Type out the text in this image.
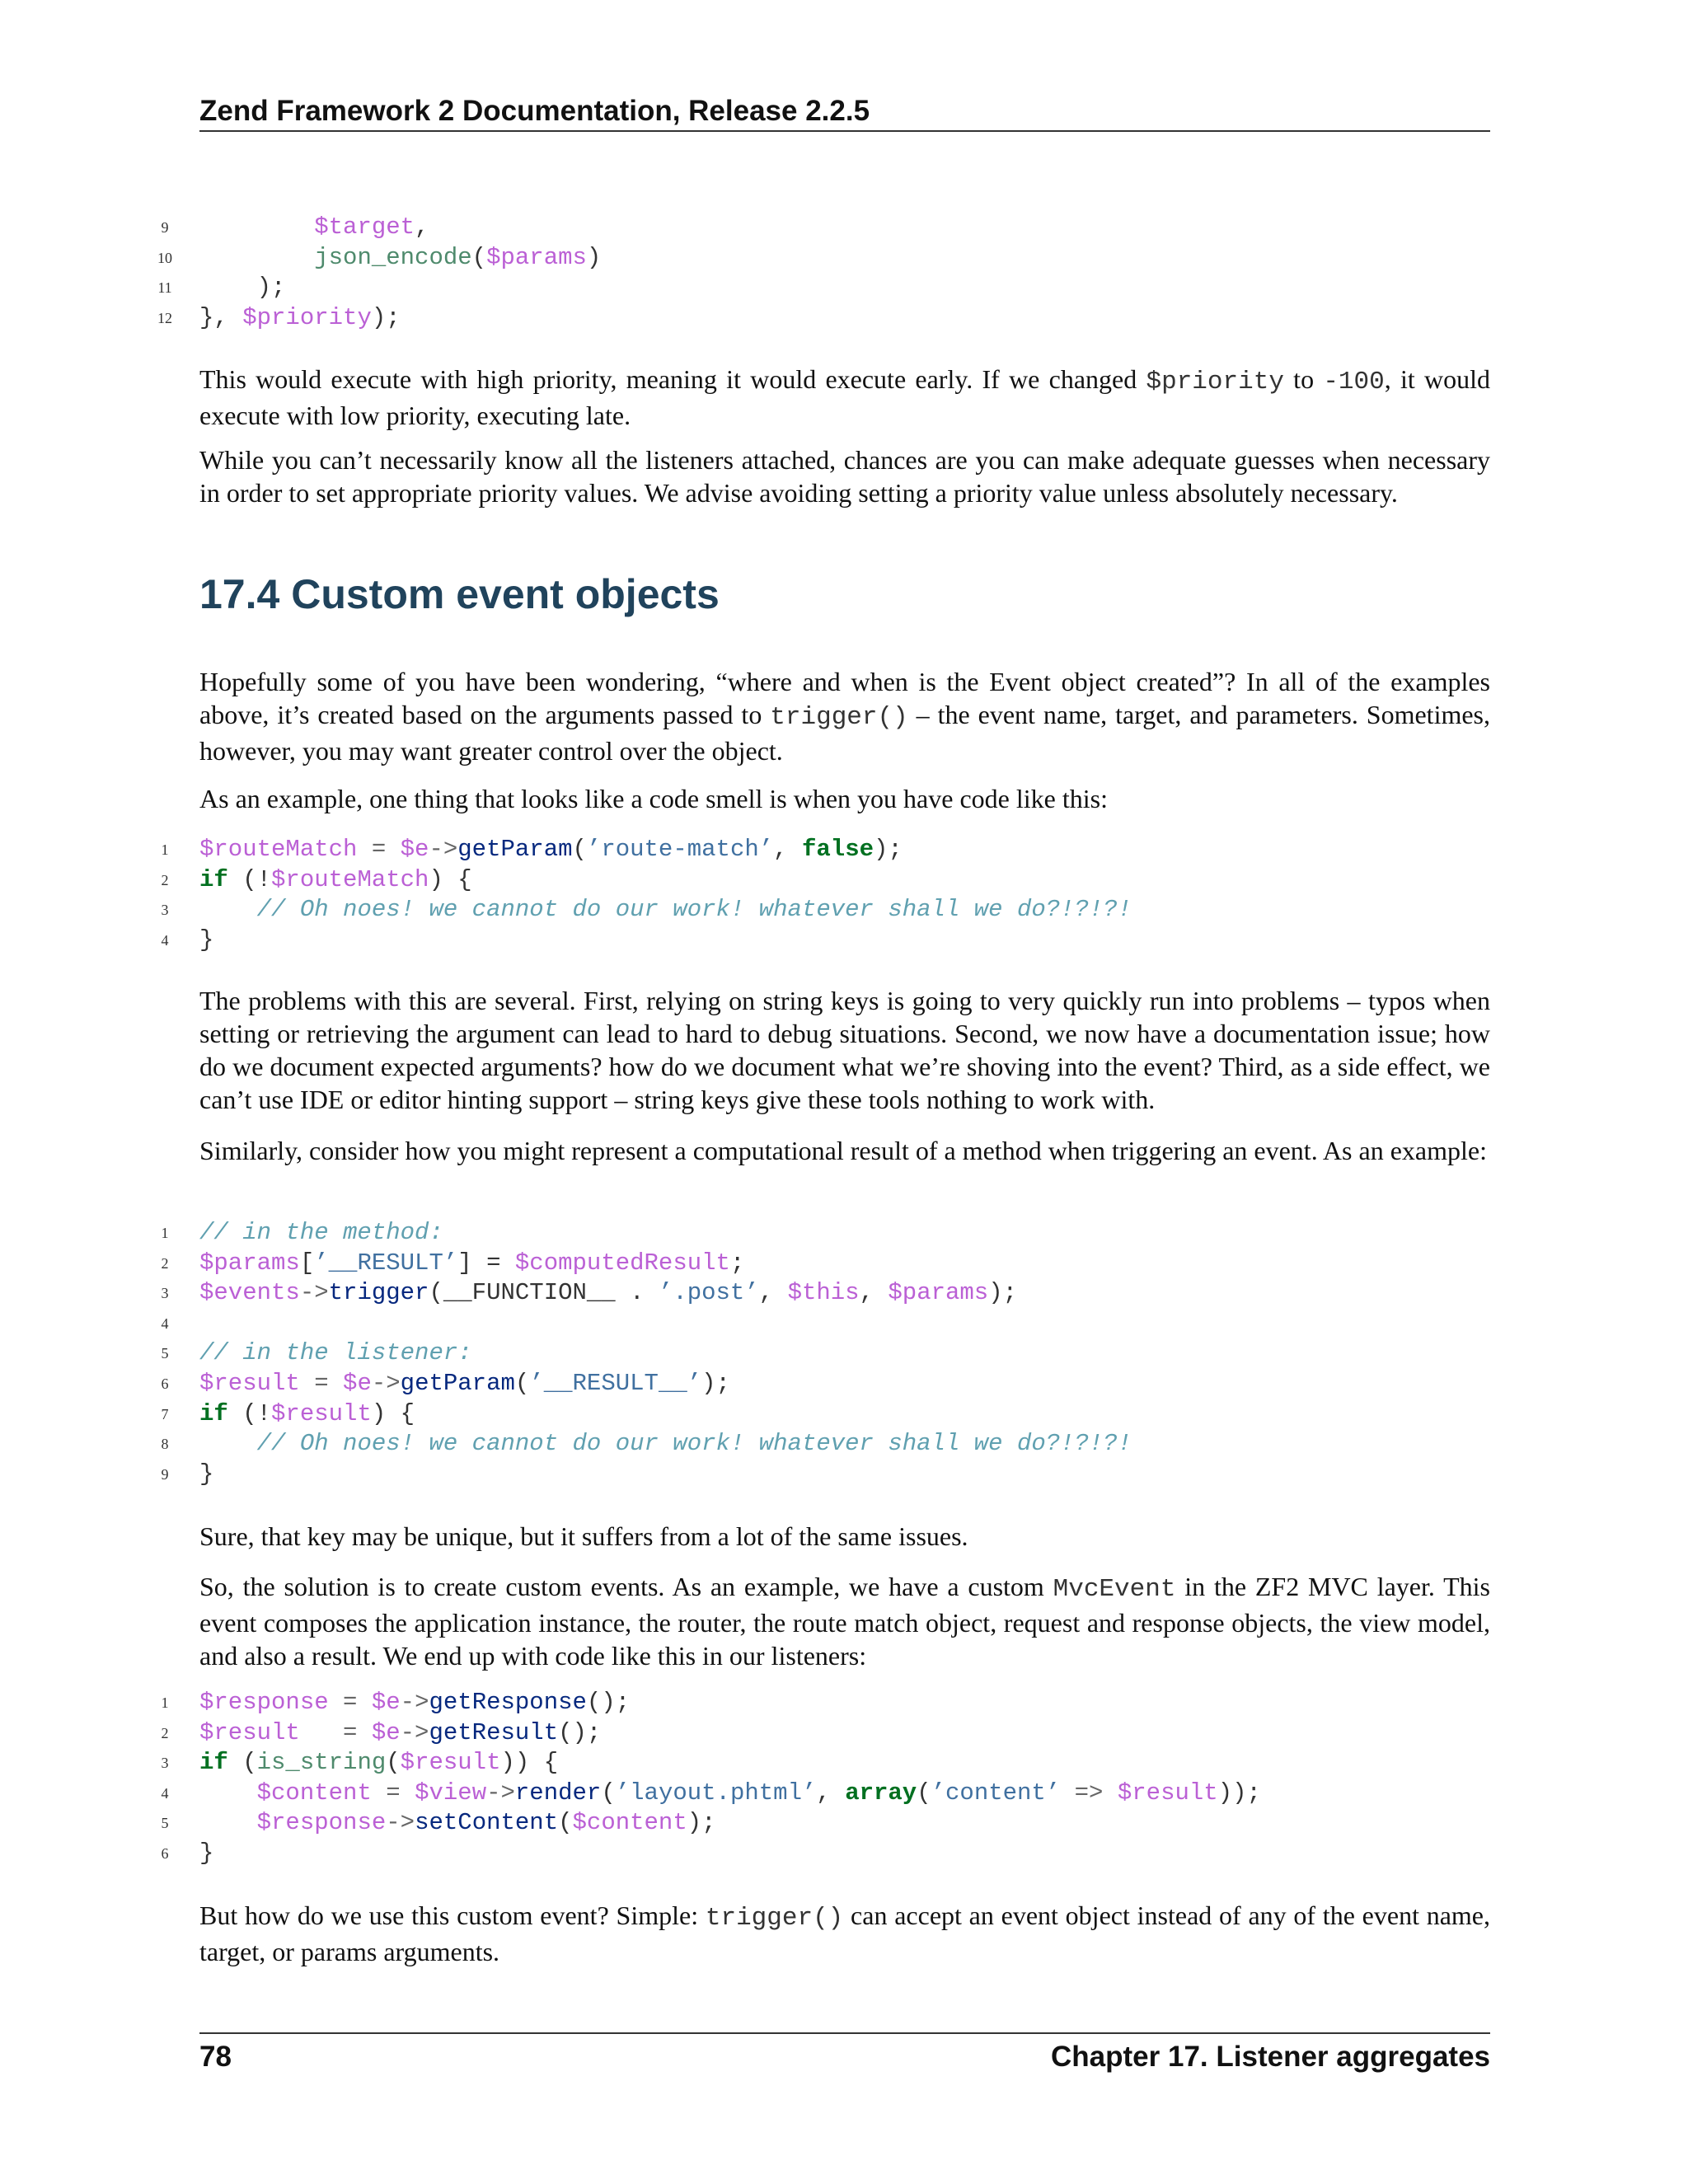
Zend Framework 2 Documentation, Release 2.2.5
9	$target,
10	json_encode($params)
11	);
12 }, $priority);

This would execute with high priority, meaning it would execute early. If we changed $priority to -100, it would execute with low priority, executing late.

While you can’t necessarily know all the listeners attached, chances are you can make adequate guesses when necessary in order to set appropriate priority values. We advise avoiding setting a priority value unless absolutely necessary.

17.4 Custom event objects

Hopefully some of you have been wondering, “where and when is the Event object created”? In all of the examples above, it’s created based on the arguments passed to trigger() – the event name, target, and parameters. Sometimes, however, you may want greater control over the object.

As an example, one thing that looks like a code smell is when you have code like this:

1 $routeMatch = $e->getParam(’route-match’, false);
2 if (!$routeMatch) {
3	// Oh noes! we cannot do our work! whatever shall we do?!?!?!
4 }

The problems with this are several. First, relying on string keys is going to very quickly run into problems – typos when setting or retrieving the argument can lead to hard to debug situations. Second, we now have a documentation issue; how do we document expected arguments? how do we document what we’re shoving into the event? Third, as a side effect, we can’t use IDE or editor hinting support – string keys give these tools nothing to work with.

Similarly, consider how you might represent a computational result of a method when triggering an event. As an example:

1 // in the method:
2 $params[’__RESULT’] = $computedResult;
3 $events->trigger(__FUNCTION__ . ’.post’, $this, $params);
4
5 // in the listener:
6 $result = $e->getParam(’__RESULT__’);
7 if (!$result) {
8	// Oh noes! we cannot do our work! whatever shall we do?!?!?!
9 }

Sure, that key may be unique, but it suffers from a lot of the same issues.

So, the solution is to create custom events. As an example, we have a custom MvcEvent in the ZF2 MVC layer. This event composes the application instance, the router, the route match object, request and response objects, the view model, and also a result. We end up with code like this in our listeners:

1 $response = $e->getResponse();
2 $result   = $e->getResult();
3 if (is_string($result)) {
4	$content = $view->render(’layout.phtml’, array(’content’ => $result));
5	$response->setContent($content);
6 }

But how do we use this custom event? Simple: trigger() can accept an event object instead of any of the event name, target, or params arguments.

78	Chapter 17. Listener aggregates
